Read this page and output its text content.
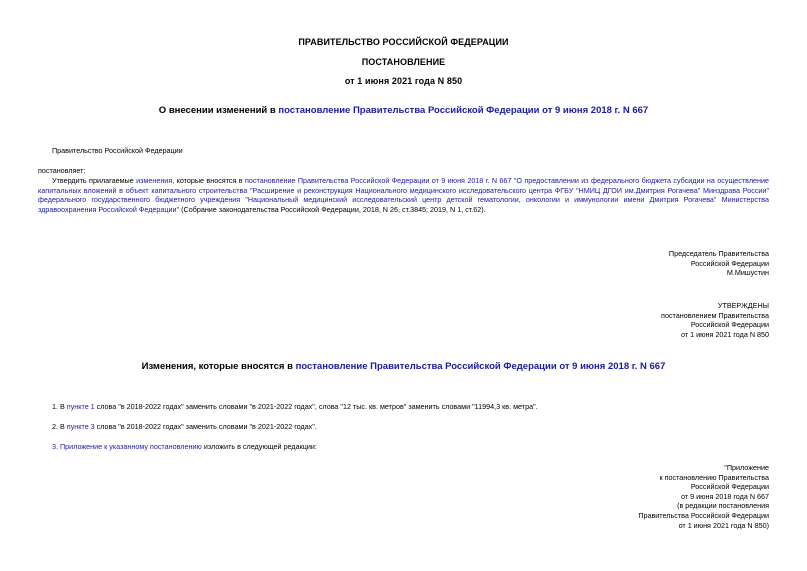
ПРАВИТЕЛЬСТВО РОССИЙСКОЙ ФЕДЕРАЦИИ
ПОСТАНОВЛЕНИЕ
от 1 июня 2021 года N 850
О внесении изменений в постановление Правительства Российской Федерации от 9 июня 2018 г. N 667
Правительство Российской Федерации
постановляет:
Утвердить прилагаемые изменения, которые вносятся в постановление Правительства Российской Федерации от 9 июня 2018 г. N 667 "О предоставлении из федерального бюджета субсидии на осуществление капитальных вложений в объект капитального строительства "Расширение и реконструкция Национального медицинского исследовательского центра ФГБУ "НМИЦ ДГОИ им.Дмитрия Рогачева" Минздрава России" федерального государственного бюджетного учреждения "Национальный медицинский исследовательский центр детской гематологии, онкологии и иммунологии имени Дмитрия Рогачева" Министерства здравоохранения Российской Федерации" (Собрание законодательства Российской Федерации, 2018, N 26, ст.3845; 2019, N 1, ст.62).
Председатель Правительства
Российской Федерации
М.Мишустин
УТВЕРЖДЕНЫ
постановлением Правительства
Российской Федерации
от 1 июня 2021 года N 850
Изменения, которые вносятся в постановление Правительства Российской Федерации от 9 июня 2018 г. N 667
1. В пункте 1 слова "в 2018-2022 годах" заменить словами "в 2021-2022 годах", слова "12 тыс. кв. метров" заменить словами "11994,3 кв. метра".
2. В пункте 3 слова "в 2018-2022 годах" заменить словами "в 2021-2022 годах".
3. Приложение к указанному постановлению изложить в следующей редакции:
"Приложение
к постановлению Правительства
Российской Федерации
от 9 июня 2018 года N 667
(в редакции постановления
Правительства Российской Федерации
от 1 июня 2021 года N 850)
